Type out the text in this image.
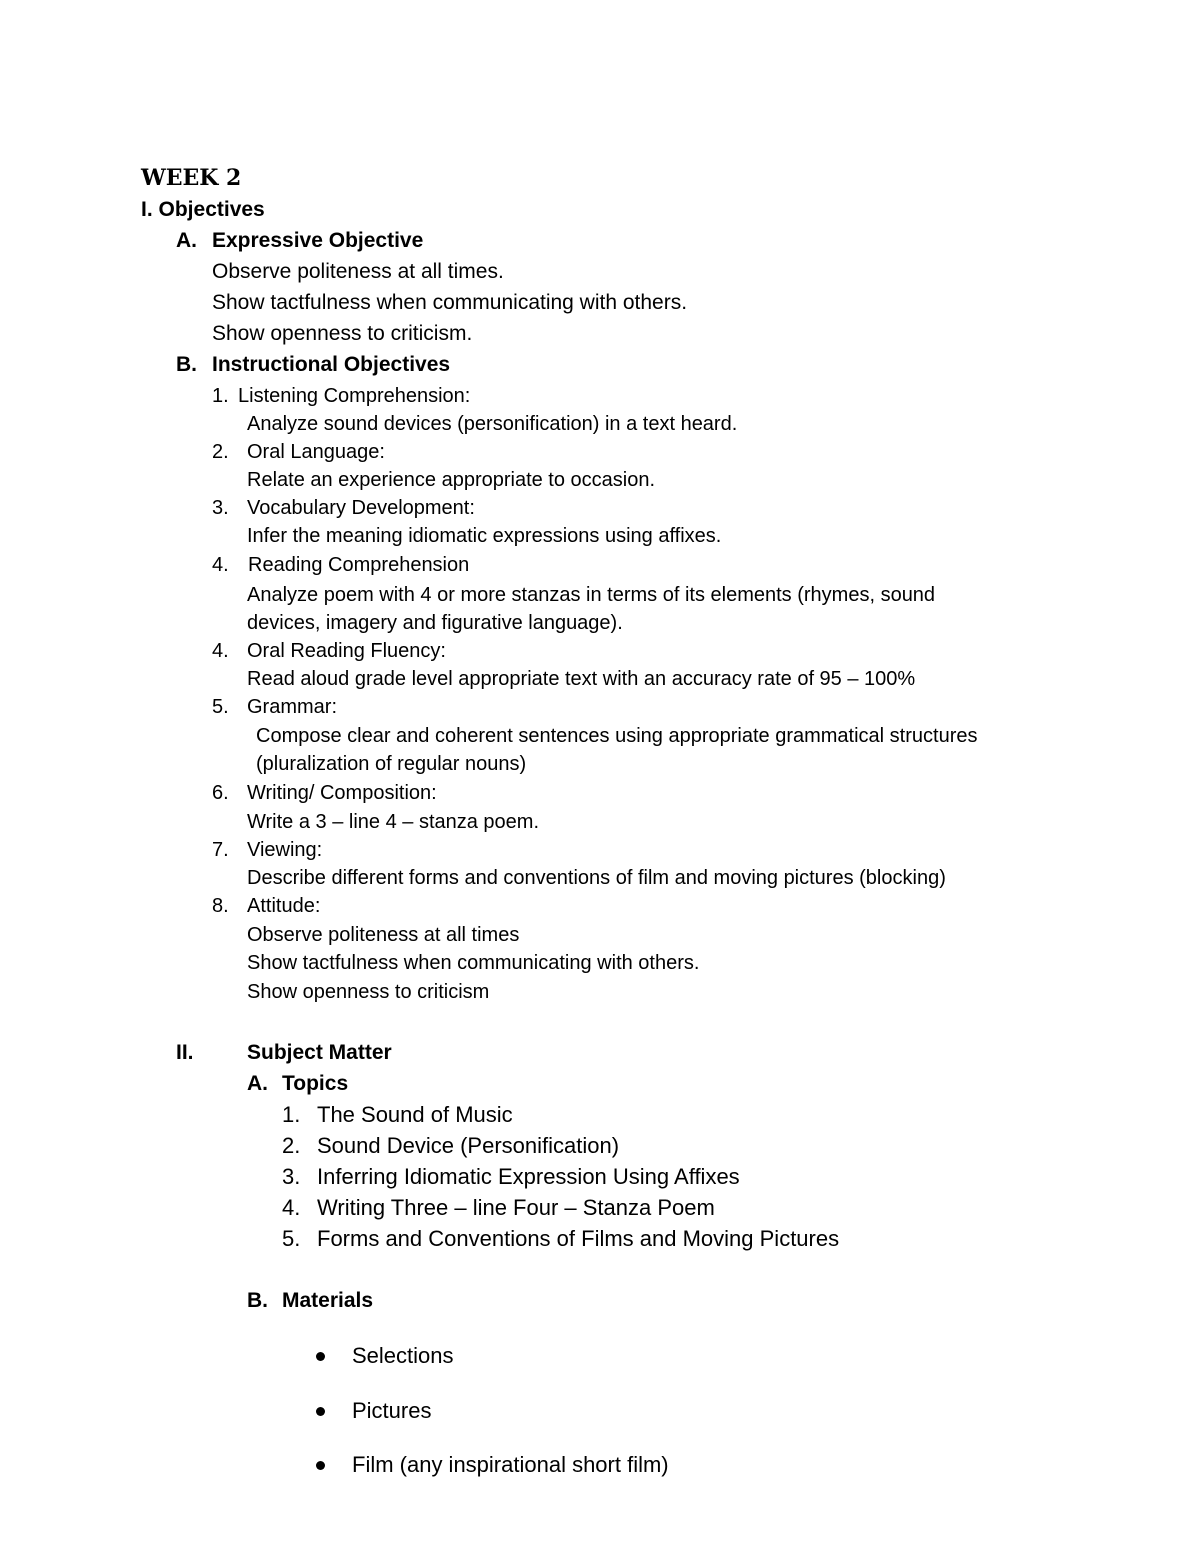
WEEK 2
I. Objectives
A. Expressive Objective
Observe politeness at all times.
Show tactfulness when communicating with others.
Show openness to criticism.
B. Instructional Objectives
1. Listening Comprehension:
Analyze sound devices (personification) in a text heard.
2. Oral Language:
Relate an experience appropriate to occasion.
3. Vocabulary Development:
Infer the meaning idiomatic expressions using affixes.
4. Reading Comprehension
Analyze poem with 4 or more stanzas in terms of its elements (rhymes, sound
devices, imagery and figurative language).
4. Oral Reading Fluency:
Read aloud grade level appropriate text with an accuracy rate of 95 – 100%
5. Grammar:
Compose clear and coherent sentences using appropriate grammatical structures
(pluralization of regular nouns)
6. Writing/ Composition:
Write a 3 – line 4 – stanza poem.
7. Viewing:
Describe different forms and conventions of film and moving pictures (blocking)
8. Attitude:
Observe politeness at all times
Show tactfulness when communicating with others.
Show openness to criticism
II.	Subject Matter
A. Topics
1. The Sound of Music
2. Sound Device (Personification)
3. Inferring Idiomatic Expression Using Affixes
4. Writing Three – line Four – Stanza Poem
5. Forms and Conventions of Films and Moving Pictures
B. Materials
Selections
Pictures
Film (any inspirational short film)
